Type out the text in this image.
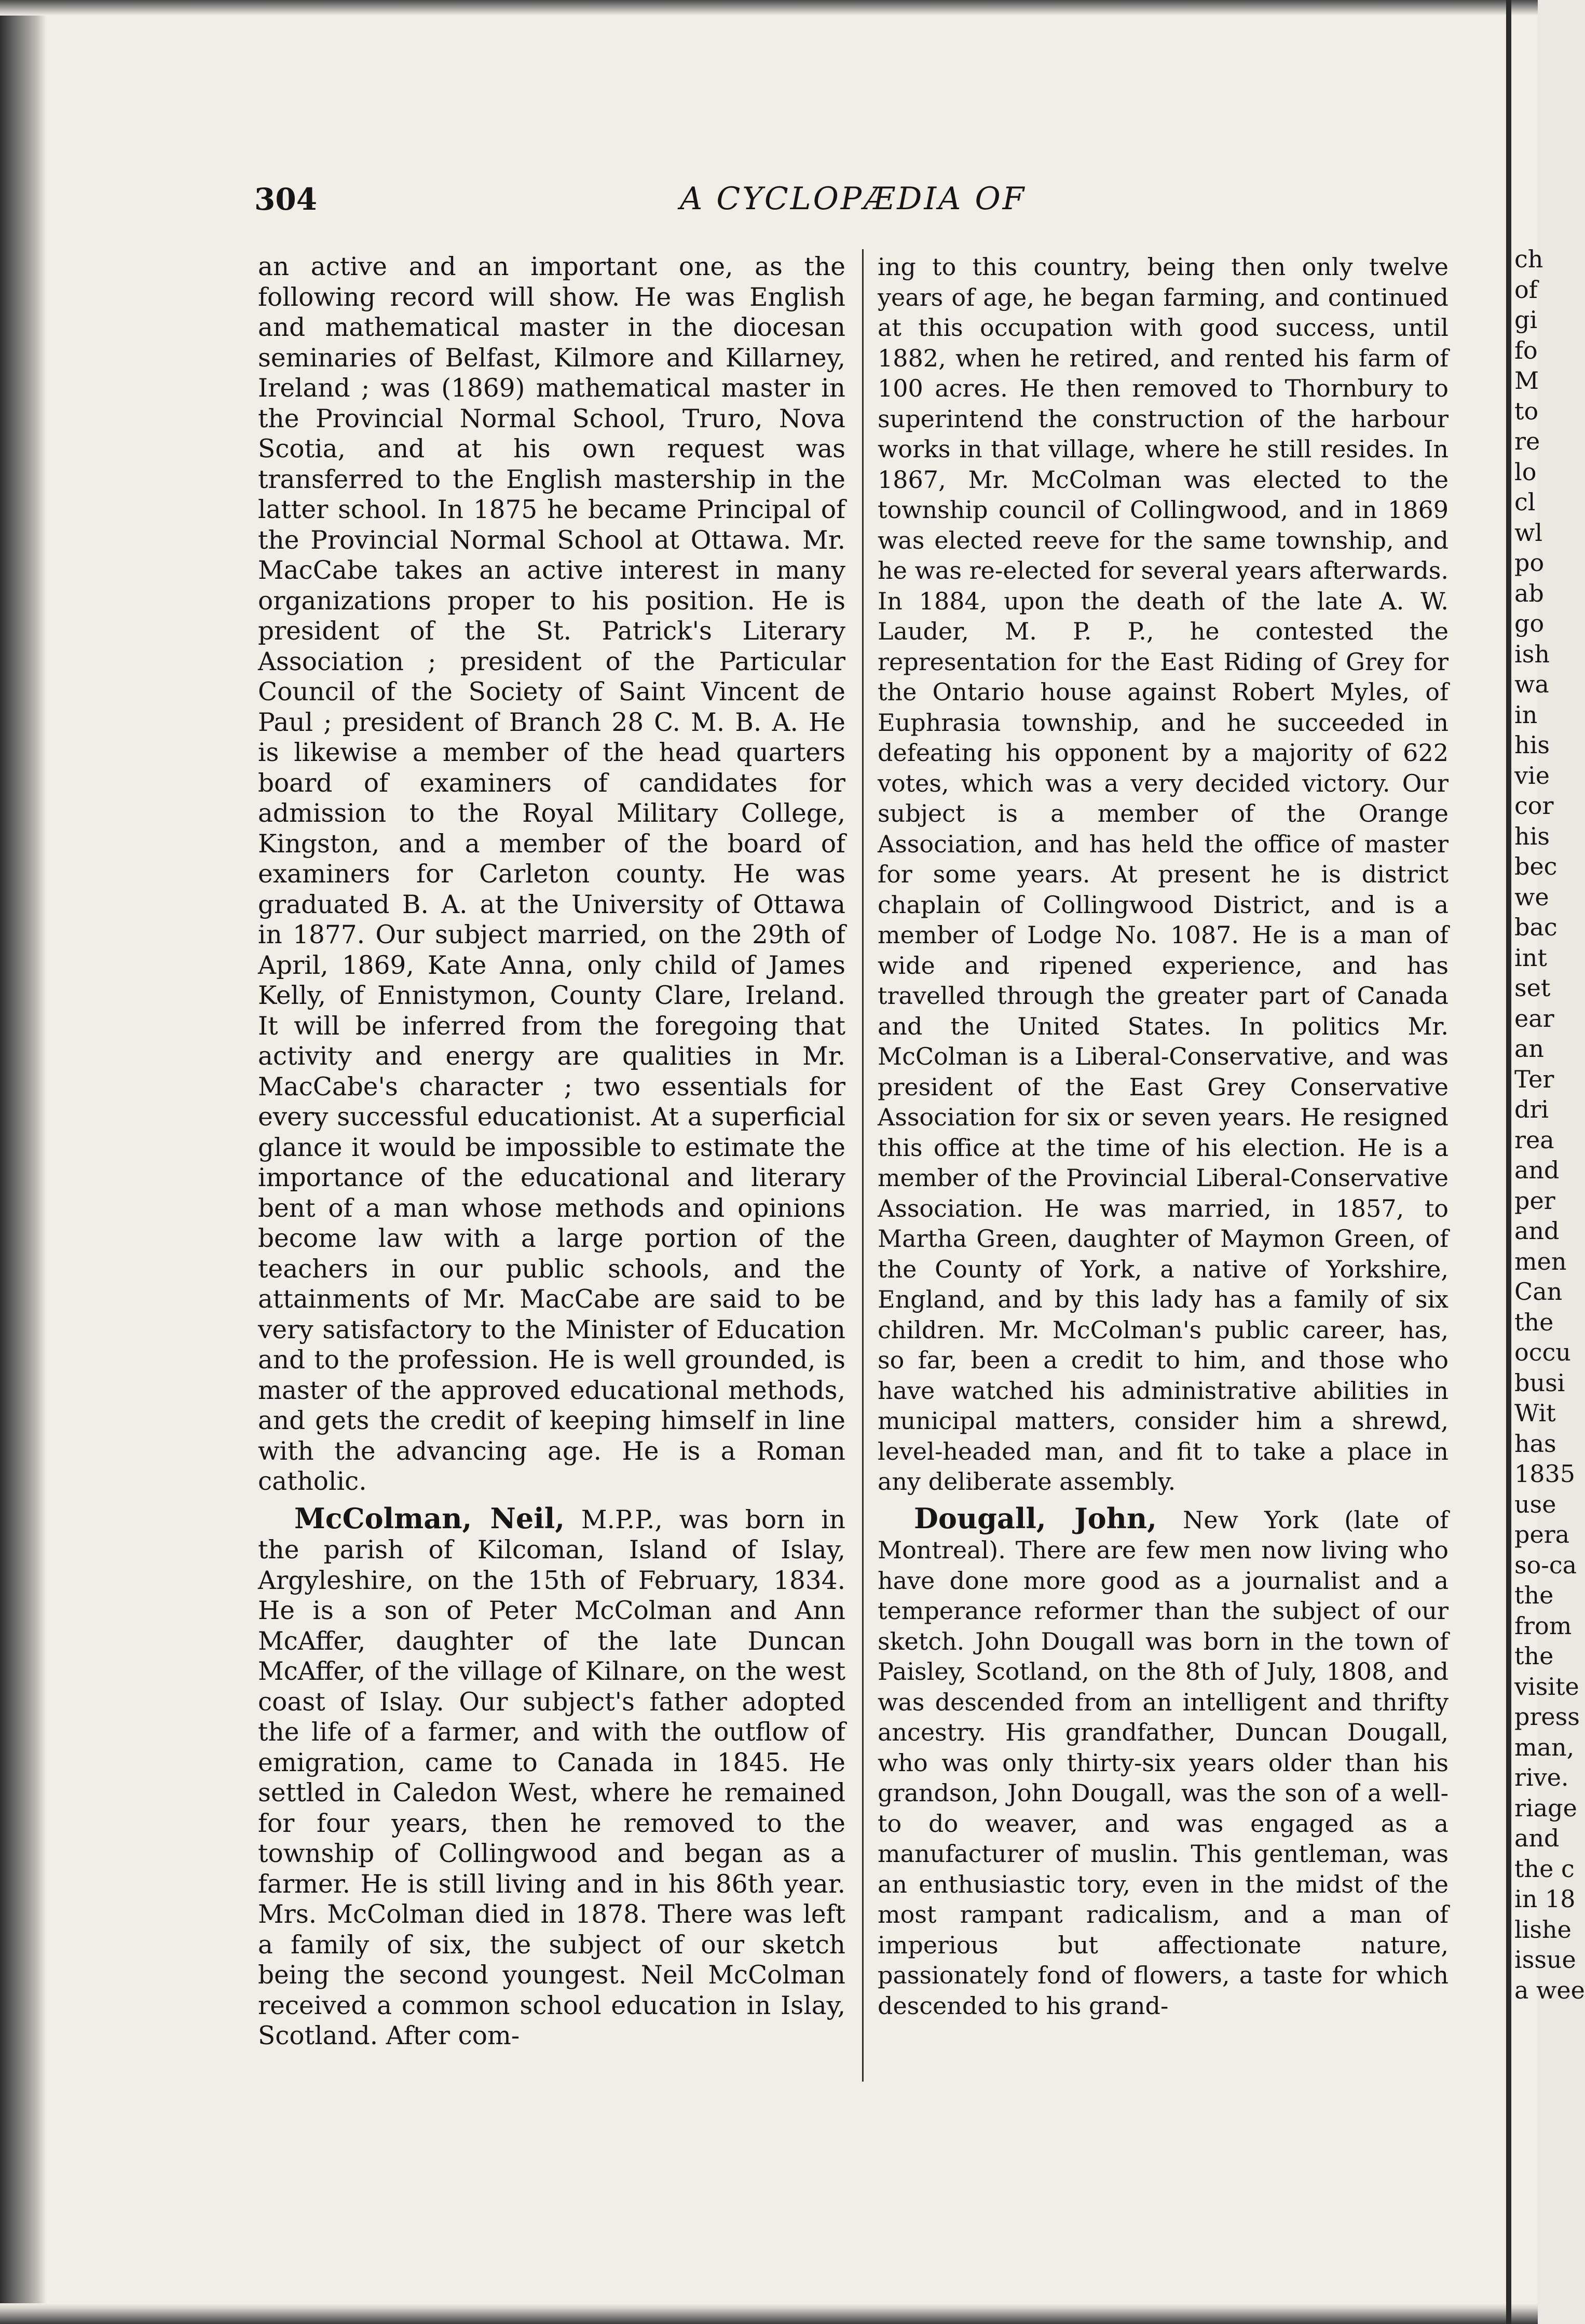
304	A CYCLOPÆDIA OF

an active and an important one, as the following record will show. He was English and mathematical master in the diocesan seminaries of Belfast, Kilmore and Killarney, Ireland ; was (1869) mathematical master in the Provincial Normal School, Truro, Nova Scotia, and at his own request was transferred to the English mastership in the latter school. In 1875 he became Principal of the Provincial Normal School at Ottawa. Mr. MacCabe takes an active interest in many organizations proper to his position. He is president of the St. Patrick's Literary Association ; president of the Particular Council of the Society of Saint Vincent de Paul ; president of Branch 28 C. M. B. A. He is likewise a member of the head quarters board of examiners of candidates for admission to the Royal Military College, Kingston, and a member of the board of examiners for Carleton county. He was graduated B. A. at the University of Ottawa in 1877. Our subject married, on the 29th of April, 1869, Kate Anna, only child of James Kelly, of Ennistymon, County Clare, Ireland. It will be inferred from the foregoing that activity and energy are qualities in Mr. MacCabe's character ; two essentials for every successful educationist. At a superficial glance it would be impossible to estimate the importance of the educational and literary bent of a man whose methods and opinions become law with a large portion of the teachers in our public schools, and the attainments of Mr. MacCabe are said to be very satisfactory to the Minister of Education and to the profession. He is well grounded, is master of the approved educational methods, and gets the credit of keeping himself in line with the advancing age. He is a Roman catholic.

McColman, Neil, M.P.P., was born in the parish of Kilcoman, Island of Islay, Argyleshire, on the 15th of February, 1834. He is a son of Peter McColman and Ann McAffer, daughter of the late Duncan McAffer, of the village of Kilnare, on the west coast of Islay. Our subject's father adopted the life of a farmer, and with the outflow of emigration, came to Canada in 1845. He settled in Caledon West, where he remained for four years, then he removed to the township of Collingwood and began as a farmer. He is still living and in his 86th year. Mrs. McColman died in 1878. There was left a family of six, the subject of our sketch being the second youngest. Neil McColman received a common school education in Islay, Scotland. After com-

ing to this country, being then only twelve years of age, he began farming, and continued at this occupation with good success, until 1882, when he retired, and rented his farm of 100 acres. He then removed to Thornbury to superintend the construction of the harbour works in that village, where he still resides. In 1867, Mr. McColman was elected to the township council of Collingwood, and in 1869 was elected reeve for the same township, and he was re-elected for several years afterwards. In 1884, upon the death of the late A. W. Lauder, M. P. P., he contested the representation for the East Riding of Grey for the Ontario house against Robert Myles, of Euphrasia township, and he succeeded in defeating his opponent by a majority of 622 votes, which was a very decided victory. Our subject is a member of the Orange Association, and has held the office of master for some years. At present he is district chaplain of Collingwood District, and is a member of Lodge No. 1087. He is a man of wide and ripened experience, and has travelled through the greater part of Canada and the United States. In politics Mr. McColman is a Liberal-Conservative, and was president of the East Grey Conservative Association for six or seven years. He resigned this office at the time of his election. He is a member of the Provincial Liberal-Conservative Association. He was married, in 1857, to Martha Green, daughter of Maymon Green, of the County of York, a native of Yorkshire, England, and by this lady has a family of six children. Mr. McColman's public career, has, so far, been a credit to him, and those who have watched his administrative abilities in municipal matters, consider him a shrewd, level-headed man, and fit to take a place in any deliberate assembly.

Dougall, John, New York (late of Montreal). There are few men now living who have done more good as a journalist and a temperance reformer than the subject of our sketch. John Dougall was born in the town of Paisley, Scotland, on the 8th of July, 1808, and was descended from an intelligent and thrifty ancestry. His grandfather, Duncan Dougall, who was only thirty-six years older than his grandson, John Dougall, was the son of a well-to do weaver, and was engaged as a manufacturer of muslin. This gentleman, was an enthusiastic tory, even in the midst of the most rampant radicalism, and a man of imperious but affectionate nature, passionately fond of flowers, a taste for which descended to his grand-

ch
of
gi
fo
M
to
re
lo
cl
wl
po
ab
go
ish
wa
in
his
vie
cor
his
bec
we
bac
int
set
ear
an
Ter
dri
rea
and
per
and
men
Can
the
occu
busi
Wit
has
1835
use
pera
so-ca
the
from
the
visite
press
man,
rive.
riage
and
the c
in 18
lishe
issue
a wee
